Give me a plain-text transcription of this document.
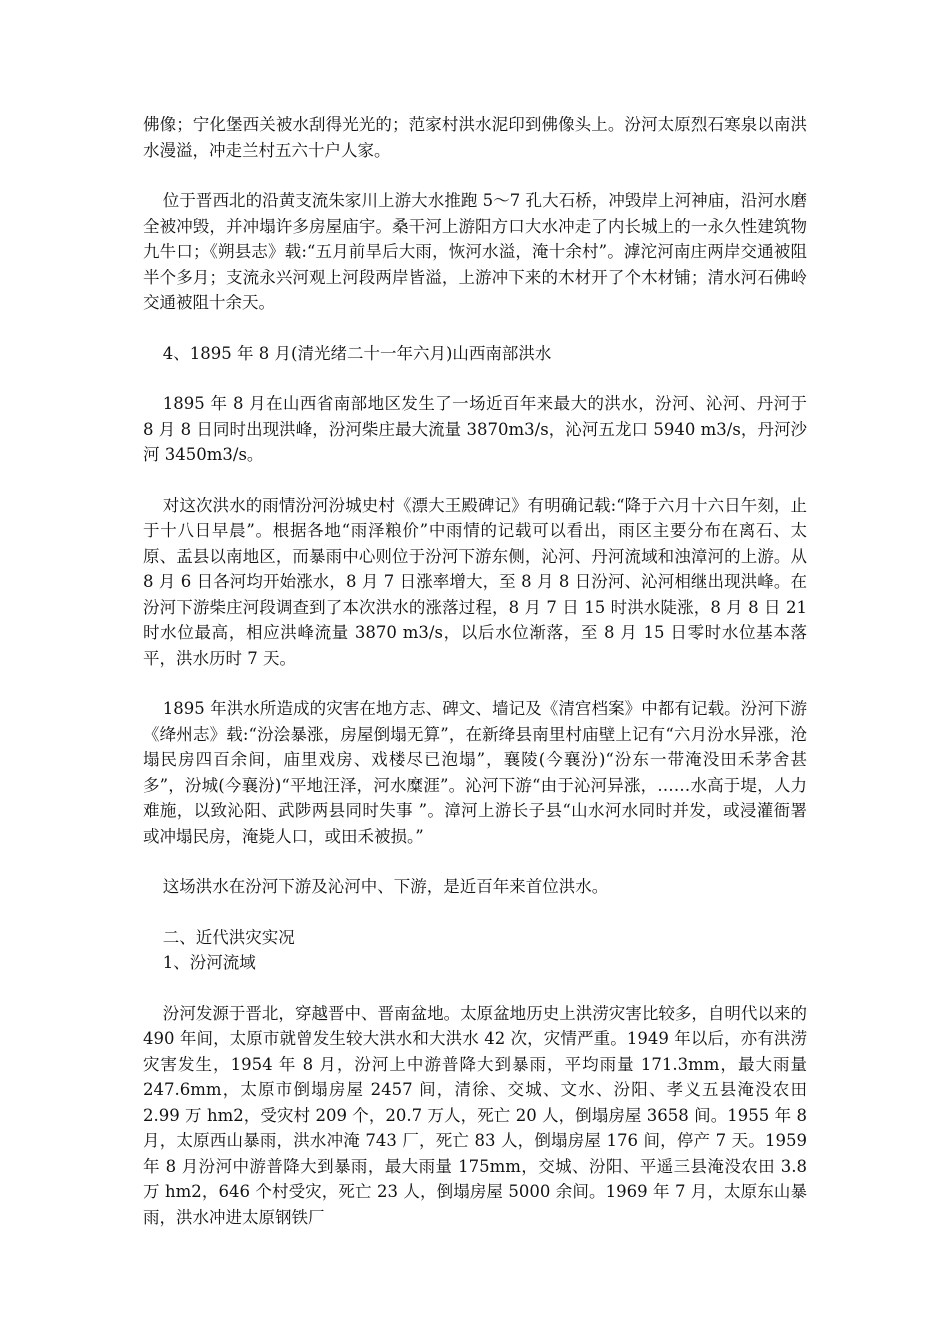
佛像；宁化堡西关被水刮得光光的；范家村洪水泥印到佛像头上。汾河太原烈石寒泉以南洪水漫溢，冲走兰村五六十户人家。

位于晋西北的沿黄支流朱家川上游大水推跑 5～7 孔大石桥，冲毁岸上河神庙，沿河水磨全被冲毁，并冲塌许多房屋庙宇。桑干河上游阳方口大水冲走了内长城上的一永久性建筑物九牛口；《朔县志》载:“五月前旱后大雨，恢河水溢，淹十余村”。滹沱河南庄两岸交通被阻半个多月；支流永兴河观上河段两岸皆溢，上游冲下来的木材开了个木材铺；清水河石佛岭交通被阻十余天。

4、1895 年 8 月(清光绪二十一年六月)山西南部洪水

1895 年 8 月在山西省南部地区发生了一场近百年来最大的洪水，汾河、沁河、丹河于 8 月 8 日同时出现洪峰，汾河柴庄最大流量 3870m3/s，沁河五龙口 5940 m3/s，丹河沙河 3450m3/s。

对这次洪水的雨情汾河汾城史村《漂大王殿碑记》有明确记载:“降于六月十六日午刻，止于十八日早晨”。根据各地“雨泽粮价”中雨情的记载可以看出，雨区主要分布在离石、太原、盂县以南地区，而暴雨中心则位于汾河下游东侧，沁河、丹河流域和浊漳河的上游。从 8 月 6 日各河均开始涨水，8 月 7 日涨率增大，至 8 月 8 日汾河、沁河相继出现洪峰。在汾河下游柴庄河段调查到了本次洪水的涨落过程，8 月 7 日 15 时洪水陡涨，8 月 8 日 21 时水位最高，相应洪峰流量 3870 m3/s，以后水位渐落，至 8 月 15 日零时水位基本落平，洪水历时 7 天。

1895 年洪水所造成的灾害在地方志、碑文、墙记及《清宫档案》中都有记载。汾河下游《绛州志》载:“汾浍暴涨，房屋倒塌无算”，在新绛县南里村庙壁上记有“六月汾水异涨，沧塌民房四百余间，庙里戏房、戏楼尽已泡塌”，襄陵(今襄汾)“汾东一带淹没田禾茅舍甚多”，汾城(今襄汾)“平地汪泽，河水糜涯”。沁河下游“由于沁河异涨，……水高于堤，人力难施，以致沁阳、武陟两县同时失事 ”。漳河上游长子县“山水河水同时并发，或浸灌衙署或冲塌民房，淹毙人口，或田禾被损。”

这场洪水在汾河下游及沁河中、下游，是近百年来首位洪水。

二、近代洪灾实况

1、汾河流域

汾河发源于晋北，穿越晋中、晋南盆地。太原盆地历史上洪涝灾害比较多，自明代以来的 490 年间，太原市就曾发生较大洪水和大洪水 42 次，灾情严重。1949 年以后，亦有洪涝灾害发生，1954 年 8 月，汾河上中游普降大到暴雨，平均雨量 171.3mm，最大雨量 247.6mm，太原市倒塌房屋 2457 间，清徐、交城、文水、汾阳、孝义五县淹没农田 2.99 万 hm2，受灾村 209 个，20.7 万人，死亡 20 人，倒塌房屋 3658 间。1955 年 8 月，太原西山暴雨，洪水冲淹 743 厂，死亡 83 人，倒塌房屋 176 间，停产 7 天。1959 年 8 月汾河中游普降大到暴雨，最大雨量 175mm，交城、汾阳、平遥三县淹没农田 3.8 万 hm2，646 个村受灾，死亡 23 人，倒塌房屋 5000 余间。1969 年 7 月，太原东山暴雨，洪水冲进太原钢铁厂
